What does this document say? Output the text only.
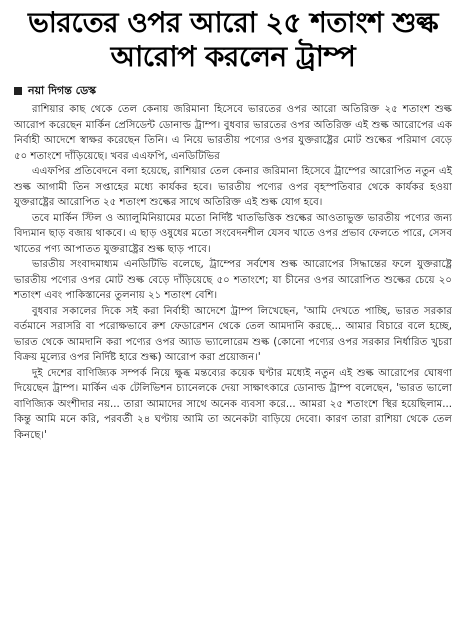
ভারতের ওপর আরো ২৫ শতাংশ শুল্ক আরোপ করলেন ট্রাম্প
নয়া দিগন্ত ডেস্ক

রাশিয়ার কাছ থেকে তেল কেনায় জরিমানা হিসেবে ভারতের ওপর আরো অতিরিক্ত ২৫ শতাংশ শুল্ক আরোপ করেছেন মার্কিন প্রেসিডেন্ট ডোনাল্ড ট্রাম্প। বুধবার ভারতের ওপর অতিরিক্ত এই শুল্ক আরোপের এক নির্বাহী আদেশে স্বাক্ষর করেছেন তিনি। এ নিয়ে ভারতীয় পণ্যের ওপর যুক্তরাষ্ট্রের মোট শুল্কের পরিমাণ বেড়ে ৫০ শতাংশে দাঁড়িয়েছে। খবর এএফপি, এনডিটিভির

এএফপির প্রতিবেদনে বলা হয়েছে, রাশিয়ার তেল কেনার জরিমানা হিসেবে ট্রাম্পের আরোপিত নতুন এই শুল্ক আগামী তিন সপ্তাহের মধ্যে কার্যকর হবে। ভারতীয় পণ্যের ওপর বৃহস্পতিবার থেকে কার্যকর হওয়া যুক্তরাষ্ট্রের আরোপিত ২৫ শতাংশ শুল্কের সাথে অতিরিক্ত এই শুল্ক যোগ হবে।

তবে মার্কিন স্টিল ও অ্যালুমিনিয়ামের মতো নির্দিষ্ট খাতভিত্তিক শুল্কের আওতাভুক্ত ভারতীয় পণ্যের জন্য বিদ্যমান ছাড় বজায় থাকবে। এ ছাড় ওষুধের মতো সংবেদনশীল যেসব খাতে ওপর প্রভাব ফেলতে পারে, সেসব খাতের পণ্য আপাতত যুক্তরাষ্ট্রের শুল্ক ছাড় পাবে।

ভারতীয় সংবাদমাধ্যম এনডিটিভি বলেছে, ট্রাম্পের সর্বশেষ শুল্ক আরোপের সিদ্ধান্তের ফলে যুক্তরাষ্ট্রে ভারতীয় পণ্যের ওপর মোট শুল্ক বেড়ে দাঁড়িয়েছে ৫০ শতাংশে; যা চীনের ওপর আরোপিত শুল্কের চেয়ে ২০ শতাংশ এবং পাকিস্তানের তুলনায় ২১ শতাংশ বেশি।

বুধবার সকালের দিকে সই করা নির্বাহী আদেশে ট্রাম্প লিখেছেন, 'আমি দেখতে পাচ্ছি, ভারত সরকার বর্তমানে সরাসরি বা পরোক্ষভাবে রুশ ফেডারেশন থেকে তেল আমদানি করছে... আমার বিচারে বলে হচ্ছে, ভারত থেকে আমদানি করা পণ্যের ওপর অ্যাড ভ্যালোরেম শুল্ক (কোনো পণ্যের ওপর সরকার নির্ধারিত খুচরা বিক্রয় মূল্যের ওপর নির্দিষ্ট হারে শুল্ক) আরোপ করা প্রয়োজন।'

দুই দেশের বাণিজ্যিক সম্পর্ক নিয়ে ক্ষুব্ধ মন্তব্যের কয়েক ঘণ্টার মধ্যেই নতুন এই শুল্ক আরোপের ঘোষণা দিয়েছেন ট্রাম্প। মার্কিন এক টেলিভিশন চ্যানেলকে দেয়া সাক্ষাৎকারে ডোনাল্ড ট্রাম্প বলেছেন, 'ভারত ভালো বাণিজ্যিক অংশীদার নয়... তারা আমাদের সাথে অনেক ব্যবসা করে... আমরা ২৫ শতাংশে স্থির হয়েছিলাম... কিন্তু আমি মনে করি, পরবর্তী ২৪ ঘণ্টায় আমি তা অনেকটা বাড়িয়ে দেবো। কারণ তারা রাশিয়া থেকে তেল কিনছে।'
